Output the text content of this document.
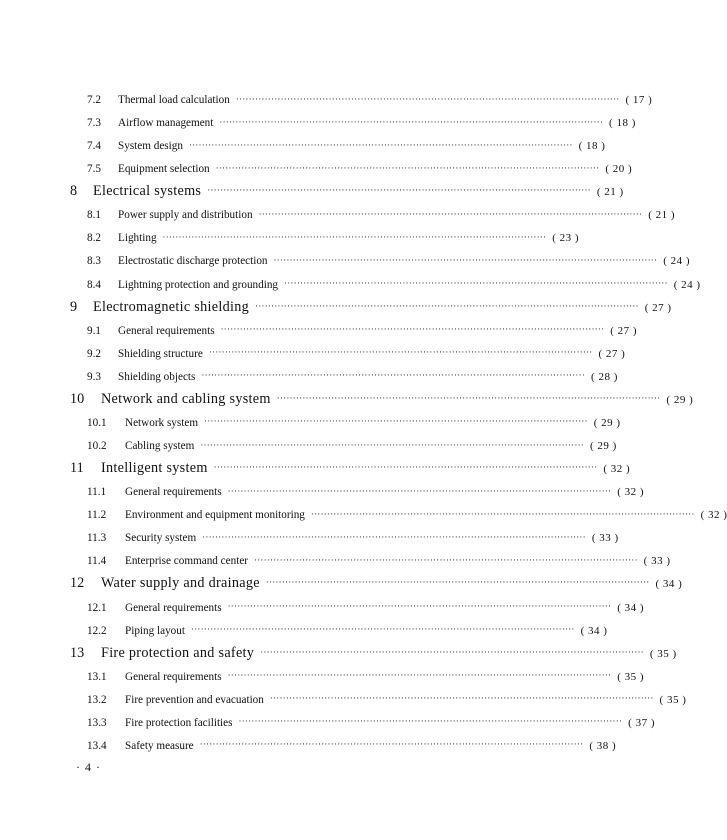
7.2	Thermal load calculation ························································································································ ( 17 )
7.3	Airflow management ························································································································ ( 18 )
7.4	System design ························································································································ ( 18 )
7.5	Equipment selection ························································································································ ( 20 )
8	Electrical systems ························································································································ ( 21 )
8.1	Power supply and distribution ························································································································ ( 21 )
8.2	Lighting ························································································································ ( 23 )
8.3	Electrostatic discharge protection ························································································································ ( 24 )
8.4	Lightning protection and grounding ························································································································ ( 24 )
9	Electromagnetic shielding ························································································································ ( 27 )
9.1	General requirements ························································································································ ( 27 )
9.2	Shielding structure ························································································································ ( 27 )
9.3	Shielding objects ························································································································ ( 28 )
10	Network and cabling system ························································································································ ( 29 )
10.1	Network system ························································································································ ( 29 )
10.2	Cabling system ························································································································ ( 29 )
11	Intelligent system ························································································································ ( 32 )
11.1	General requirements ························································································································ ( 32 )
11.2	Environment and equipment monitoring ························································································································ ( 32 )
11.3	Security system ························································································································ ( 33 )
11.4	Enterprise command center ························································································································ ( 33 )
12	Water supply and drainage ························································································································ ( 34 )
12.1	General requirements ························································································································ ( 34 )
12.2	Piping layout ························································································································ ( 34 )
13	Fire protection and safety ························································································································ ( 35 )
13.1	General requirements ························································································································ ( 35 )
13.2	Fire prevention and evacuation ························································································································ ( 35 )
13.3	Fire protection facilities ························································································································ ( 37 )
13.4	Safety measure ························································································································ ( 38 )
· 4 ·
